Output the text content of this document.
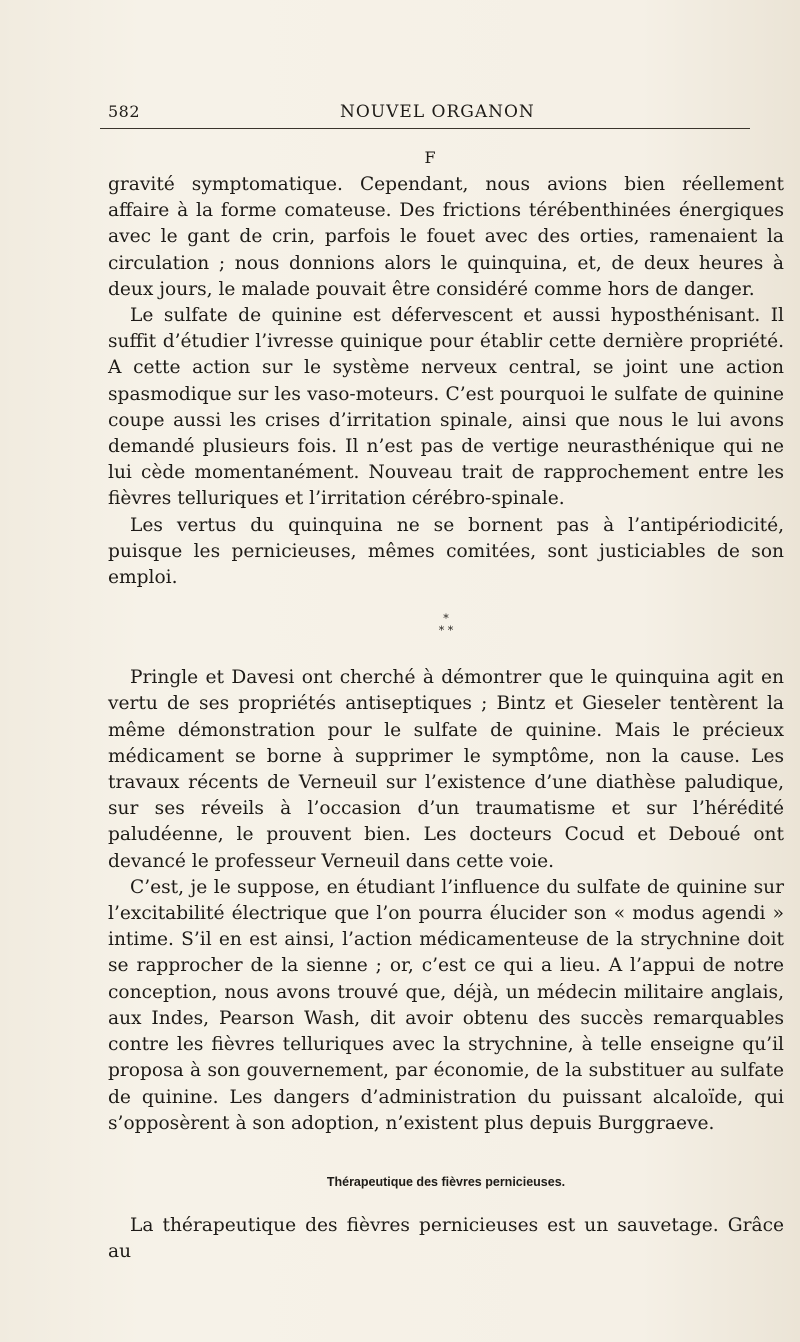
582	NOUVEL ORGANON
F

gravité symptomatique. Cependant, nous avions bien réellement affaire à la forme comateuse. Des frictions térébenthinées énergiques avec le gant de crin, parfois le fouet avec des orties, ramenaient la circulation ; nous donnions alors le quinquina, et, de deux heures à deux jours, le malade pouvait être considéré comme hors de danger.

Le sulfate de quinine est défervescent et aussi hyposthénisant. Il suffit d’étudier l’ivresse quinique pour établir cette dernière propriété. A cette action sur le système nerveux central, se joint une action spasmodique sur les vaso-moteurs. C’est pourquoi le sulfate de quinine coupe aussi les crises d’irritation spinale, ainsi que nous le lui avons demandé plusieurs fois. Il n’est pas de vertige neurasthénique qui ne lui cède momentanément. Nouveau trait de rapprochement entre les fièvres telluriques et l’irritation cérébro-spinale.

Les vertus du quinquina ne se bornent pas à l’antipériodicité, puisque les pernicieuses, mêmes comitées, sont justiciables de son emploi.

*
* *

Pringle et Davesi ont cherché à démontrer que le quinquina agit en vertu de ses propriétés antiseptiques ; Bintz et Gieseler tentèrent la même démonstration pour le sulfate de quinine. Mais le précieux médicament se borne à supprimer le symptôme, non la cause. Les travaux récents de Verneuil sur l’existence d’une diathèse paludique, sur ses réveils à l’occasion d’un traumatisme et sur l’hérédité paludéenne, le prouvent bien. Les docteurs Cocud et Deboué ont devancé le professeur Verneuil dans cette voie.

C’est, je le suppose, en étudiant l’influence du sulfate de quinine sur l’excitabilité électrique que l’on pourra élucider son « modus agendi » intime. S’il en est ainsi, l’action médicamenteuse de la strychnine doit se rapprocher de la sienne ; or, c’est ce qui a lieu. A l’appui de notre conception, nous avons trouvé que, déjà, un médecin militaire anglais, aux Indes, Pearson Wash, dit avoir obtenu des succès remarquables contre les fièvres telluriques avec la strychnine, à telle enseigne qu’il proposa à son gouvernement, par économie, de la substituer au sulfate de quinine. Les dangers d’administration du puissant alcaloïde, qui s’opposèrent à son adoption, n’existent plus depuis Burggraeve.

Thérapeutique des fièvres pernicieuses.

La thérapeutique des fièvres pernicieuses est un sauvetage. Grâce au
